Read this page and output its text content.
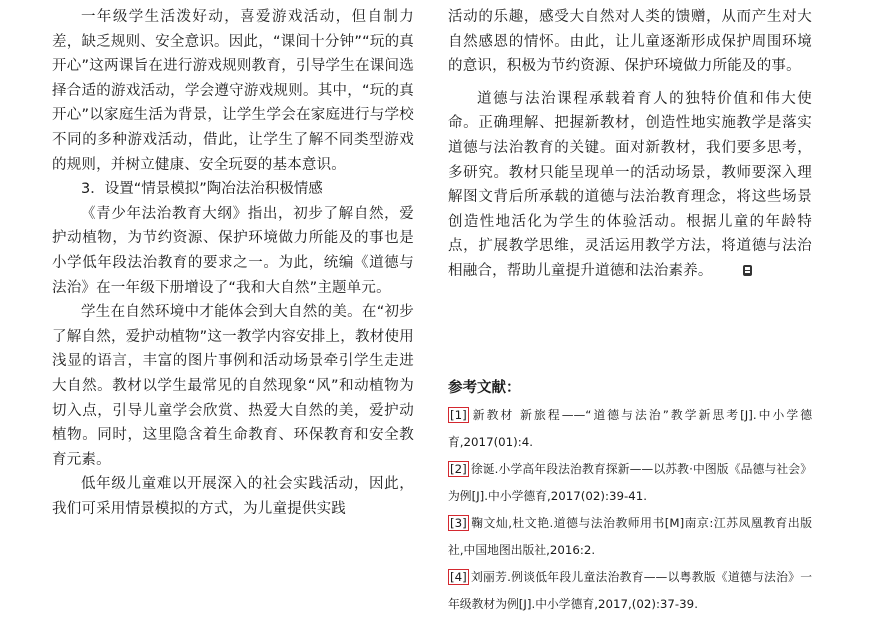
一年级学生活泼好动，喜爱游戏活动，但自制力差，缺乏规则、安全意识。因此，“课间十分钟”“玩的真开心”这两课旨在进行游戏规则教育，引导学生在课间选择合适的游戏活动，学会遵守游戏规则。其中，“玩的真开心”以家庭生活为背景，让学生学会在家庭进行与学校不同的多种游戏活动，借此，让学生了解不同类型游戏的规则，并树立健康、安全玩耍的基本意识。

3．设置“情景模拟”陶冶法治积极情感

《青少年法治教育大纲》指出，初步了解自然，爱护动植物，为节约资源、保护环境做力所能及的事也是小学低年段法治教育的要求之一。为此，统编《道德与法治》在一年级下册增设了“我和大自然”主题单元。

学生在自然环境中才能体会到大自然的美。在“初步了解自然，爱护动植物”这一教学内容安排上，教材使用浅显的语言，丰富的图片事例和活动场景牵引学生走进大自然。教材以学生最常见的自然现象“风”和动植物为切入点，引导儿童学会欣赏、热爱大自然的美，爱护动植物。同时，这里隐含着生命教育、环保教育和安全教育元素。

低年级儿童难以开展深入的社会实践活动，因此，我们可采用情景模拟的方式，为儿童提供实践

活动的乐趣，感受大自然对人类的馈赠，从而产生对大自然感恩的情怀。由此，让儿童逐渐形成保护周围环境的意识，积极为节约资源、保护环境做力所能及的事。

道德与法治课程承载着育人的独特价值和伟大使命。正确理解、把握新教材，创造性地实施教学是落实道德与法治教育的关键。面对新教材，我们要多思考，多研究。教材只能呈现单一的活动场景，教师要深入理解图文背后所承载的道德与法治教育理念，将这些场景创造性地活化为学生的体验活动。根据儿童的年龄特点，扩展教学思维，灵活运用教学方法，将道德与法治相融合，帮助儿童提升道德和法治素养。

参考文献：

[1] 新教材 新旅程——“道德与法治”教学新思考[J].中小学德育,2017(01):4.

[2] 徐诞.小学高年段法治教育探新——以苏教·中图版《品德与社会》为例[J].中小学德育,2017(02):39-41.

[3] 鞠文灿,杜文艳.道德与法治教师用书[M]南京:江苏凤凰教育出版社,中国地图出版社,2016:2.

[4] 刘丽芳.例谈低年段儿童法治教育——以粤教版《道德与法治》一年级教材为例[J].中小学德育,2017,(02):37-39.
